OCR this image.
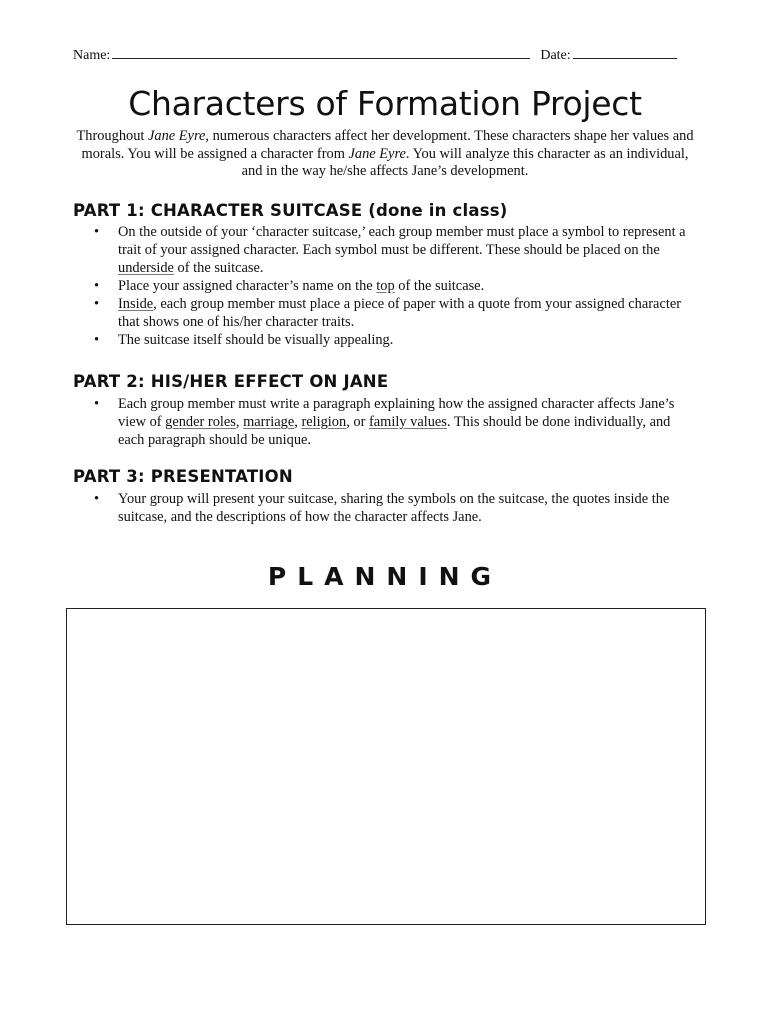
Name:	Date:
Characters of Formation Project

Throughout Jane Eyre, numerous characters affect her development. These characters shape her values and morals. You will be assigned a character from Jane Eyre. You will analyze this character as an individual, and in the way he/she affects Jane’s development.

PART 1: CHARACTER SUITCASE (done in class)
• On the outside of your ‘character suitcase,’ each group member must place a symbol to represent a trait of your assigned character. Each symbol must be different. These should be placed on the underside of the suitcase.
• Place your assigned character’s name on the top of the suitcase.
• Inside, each group member must place a piece of paper with a quote from your assigned character that shows one of his/her character traits.
• The suitcase itself should be visually appealing.
PART 2: HIS/HER EFFECT ON JANE
• Each group member must write a paragraph explaining how the assigned character affects Jane’s view of gender roles, marriage, religion, or family values. This should be done individually, and each paragraph should be unique.
PART 3: PRESENTATION
• Your group will present your suitcase, sharing the symbols on the suitcase, the quotes inside the suitcase, and the descriptions of how the character affects Jane.
PLANNING
